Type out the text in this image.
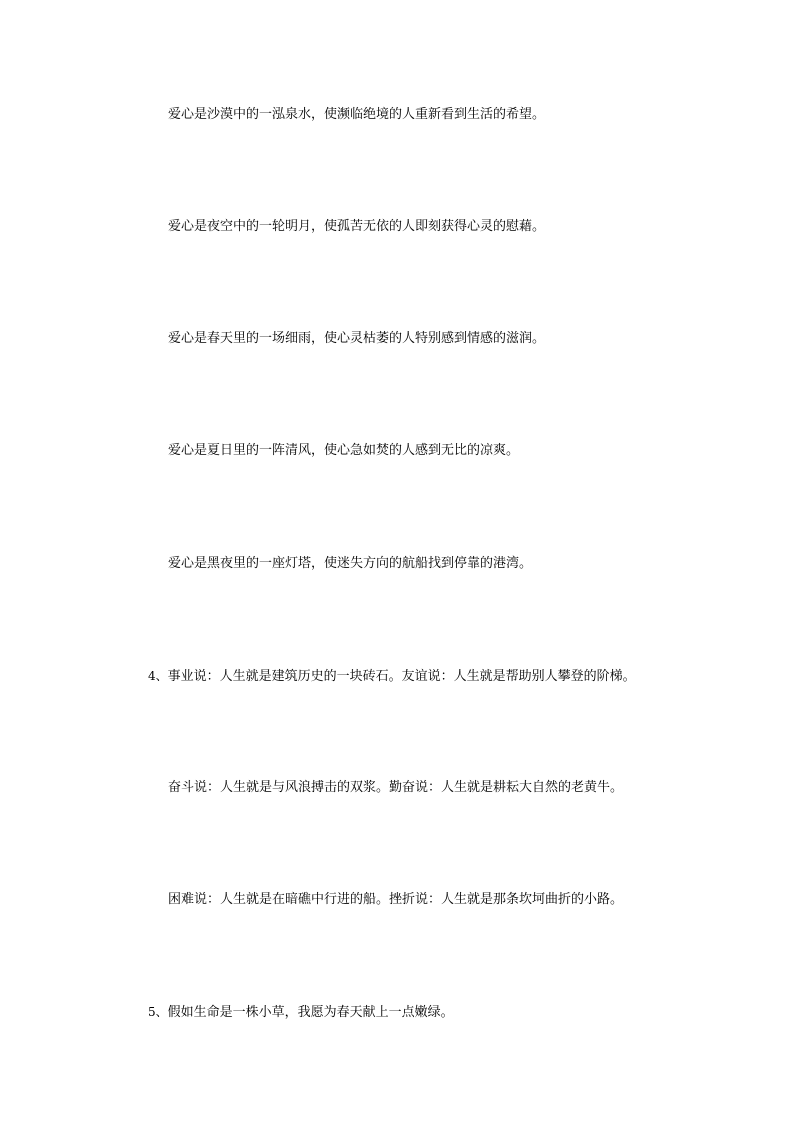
爱心是沙漠中的一泓泉水，使濒临绝境的人重新看到生活的希望。
爱心是夜空中的一轮明月，使孤苦无依的人即刻获得心灵的慰藉。
爱心是春天里的一场细雨，使心灵枯萎的人特别感到情感的滋润。
爱心是夏日里的一阵清风，使心急如焚的人感到无比的凉爽。
爱心是黑夜里的一座灯塔，使迷失方向的航船找到停靠的港湾。
4、事业说：人生就是建筑历史的一块砖石。友谊说：人生就是帮助别人攀登的阶梯。
奋斗说：人生就是与风浪搏击的双浆。勤奋说：人生就是耕耘大自然的老黄牛。
困难说：人生就是在暗礁中行进的船。挫折说：人生就是那条坎坷曲折的小路。
5、假如生命是一株小草，我愿为春天献上一点嫩绿。
